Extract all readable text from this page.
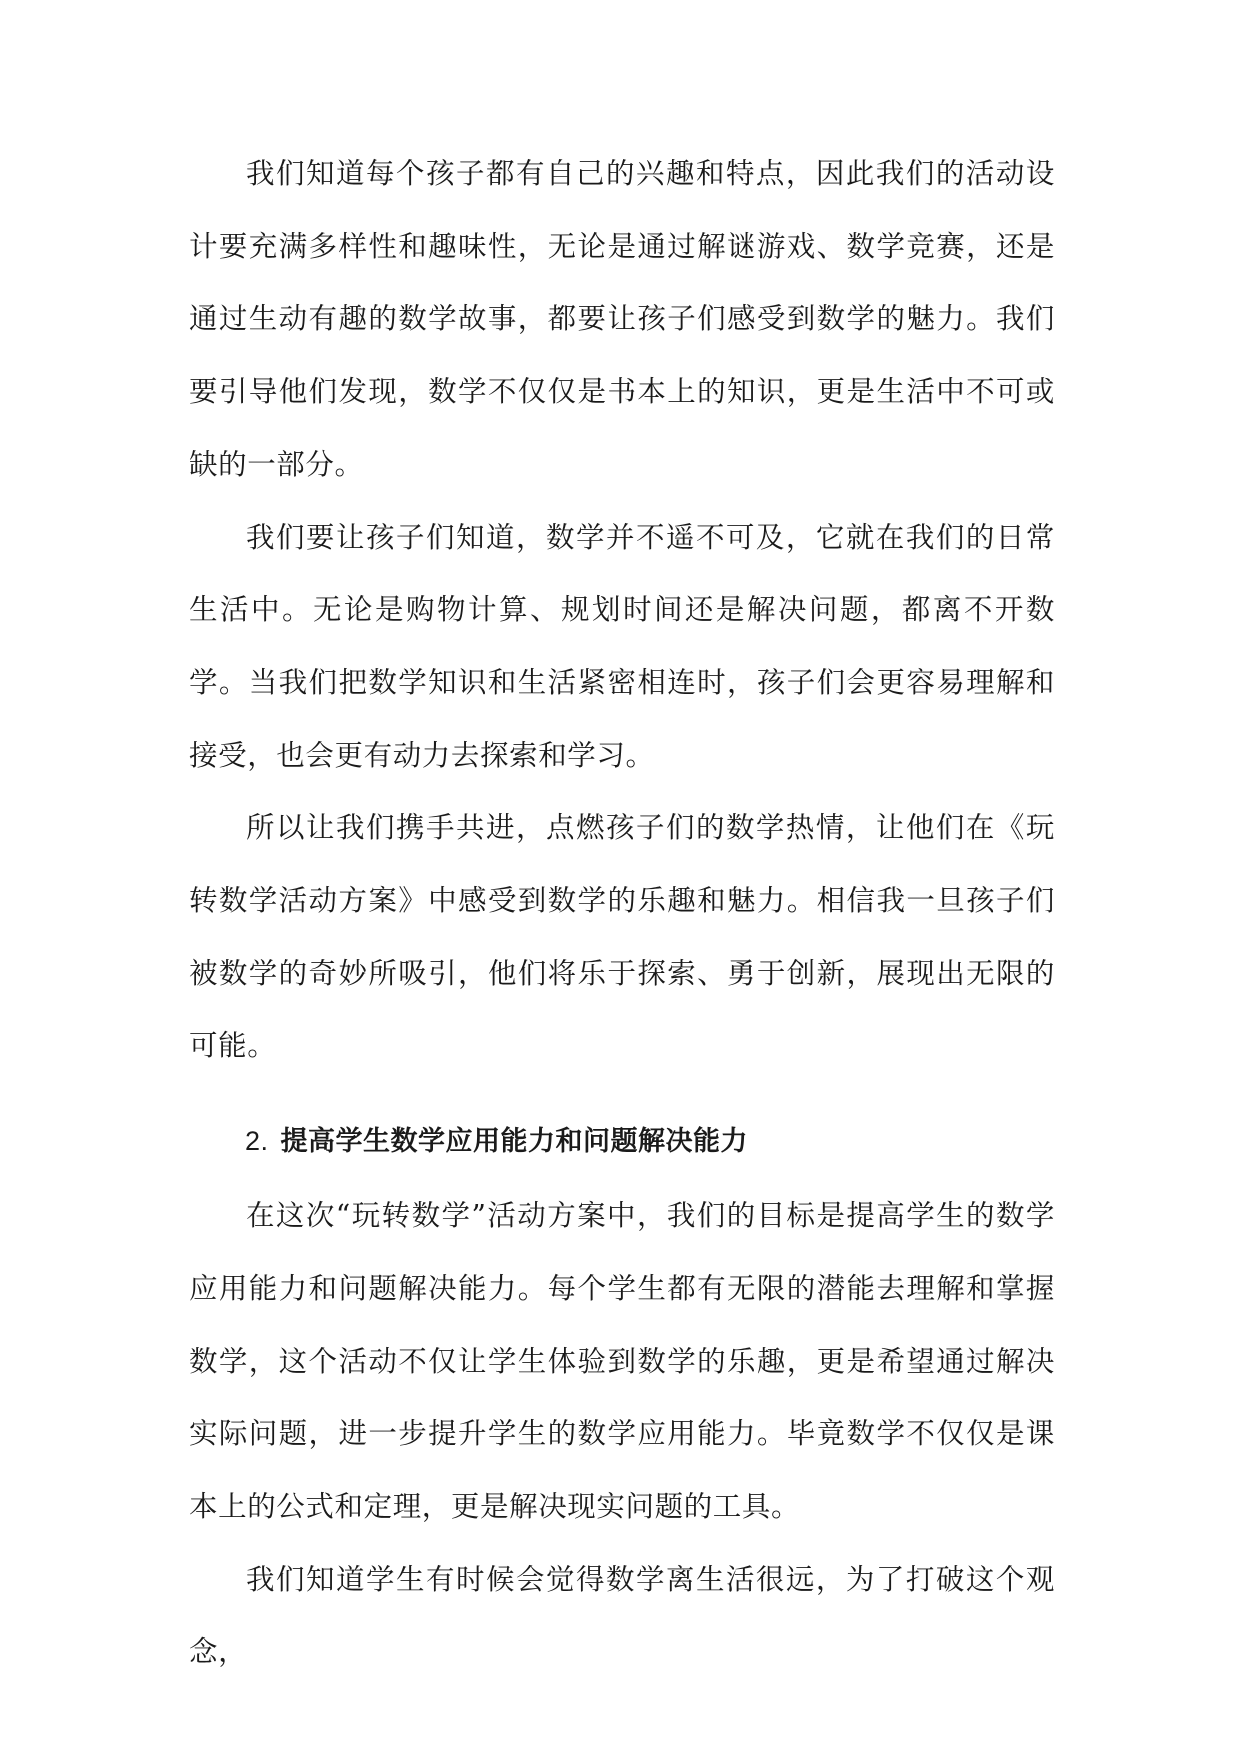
我们知道每个孩子都有自己的兴趣和特点，因此我们的活动设计要充满多样性和趣味性，无论是通过解谜游戏、数学竞赛，还是通过生动有趣的数学故事，都要让孩子们感受到数学的魅力。我们要引导他们发现，数学不仅仅是书本上的知识，更是生活中不可或缺的一部分。

我们要让孩子们知道，数学并不遥不可及，它就在我们的日常生活中。无论是购物计算、规划时间还是解决问题，都离不开数学。当我们把数学知识和生活紧密相连时，孩子们会更容易理解和接受，也会更有动力去探索和学习。

所以让我们携手共进，点燃孩子们的数学热情，让他们在《玩转数学活动方案》中感受到数学的乐趣和魅力。相信我一旦孩子们被数学的奇妙所吸引，他们将乐于探索、勇于创新，展现出无限的可能。

2. 提高学生数学应用能力和问题解决能力

在这次“玩转数学”活动方案中，我们的目标是提高学生的数学应用能力和问题解决能力。每个学生都有无限的潜能去理解和掌握数学，这个活动不仅让学生体验到数学的乐趣，更是希望通过解决实际问题，进一步提升学生的数学应用能力。毕竟数学不仅仅是课本上的公式和定理，更是解决现实问题的工具。

我们知道学生有时候会觉得数学离生活很远，为了打破这个观念，
